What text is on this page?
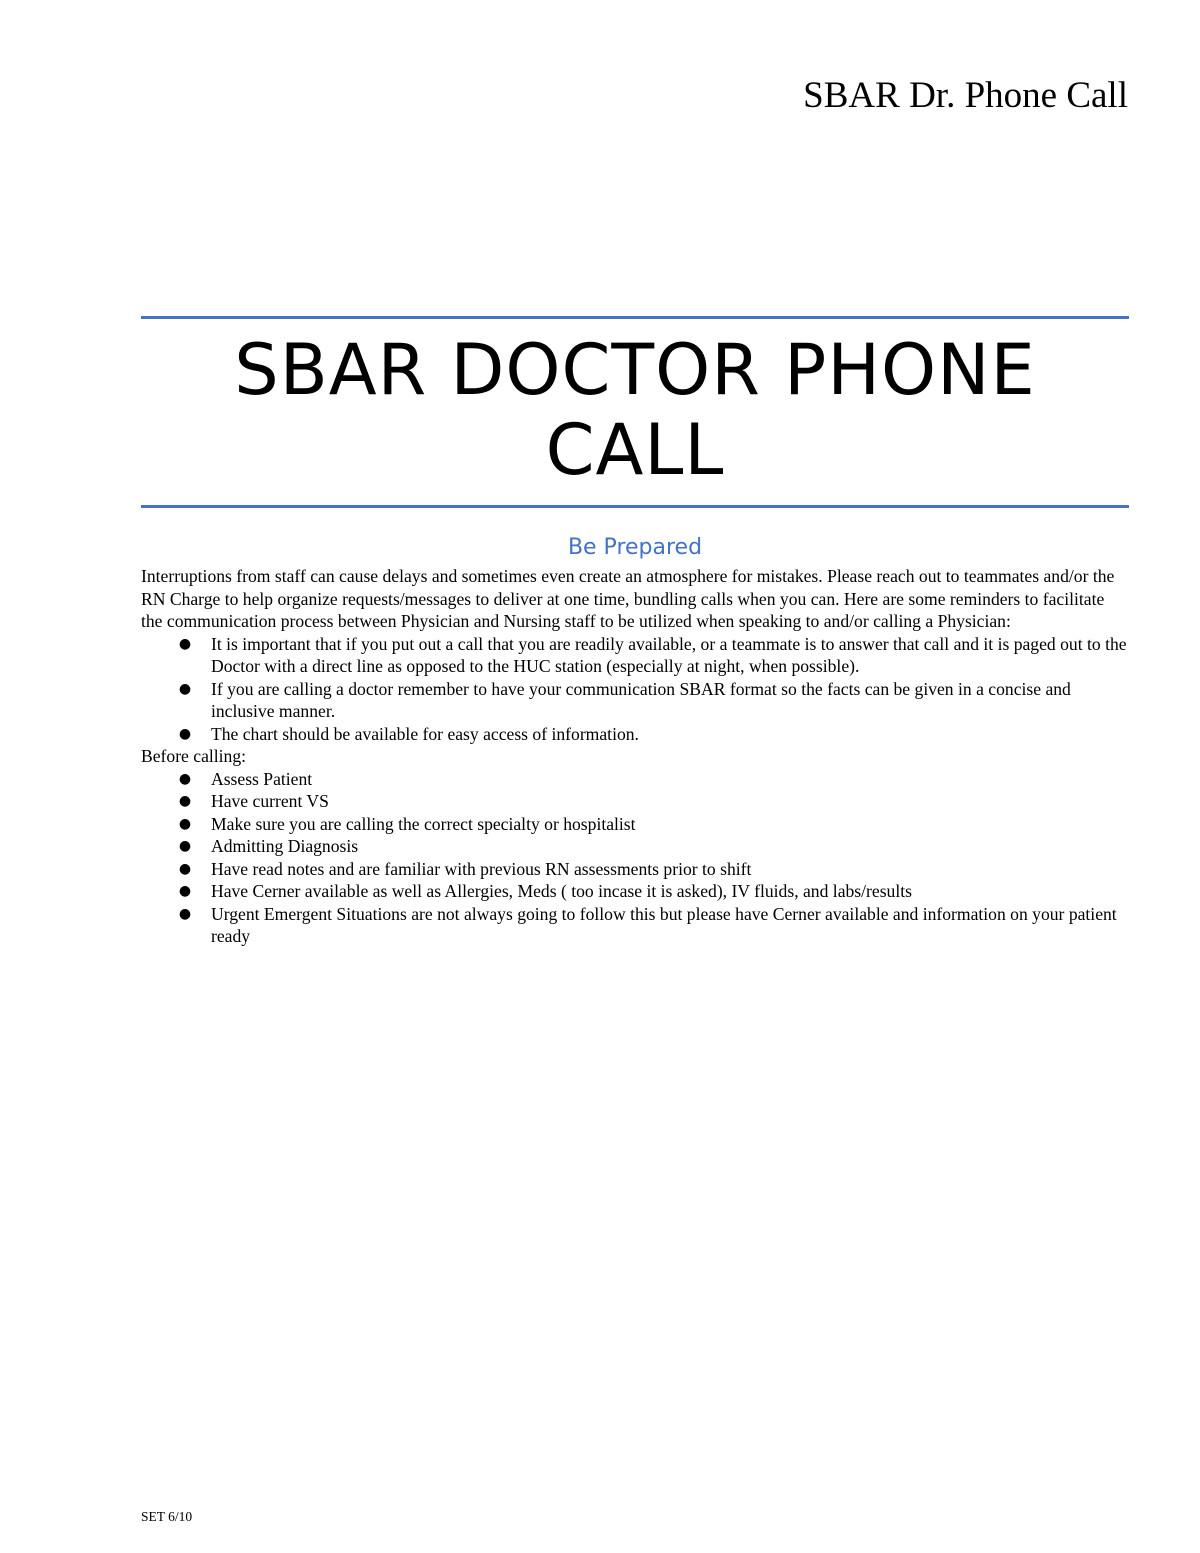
SBAR Dr. Phone Call
SBAR DOCTOR PHONE
CALL
Be Prepared

Interruptions from staff can cause delays and sometimes even create an atmosphere for mistakes. Please reach out to teammates and/or the RN Charge to help organize requests/messages to deliver at one time, bundling calls when you can. Here are some reminders to facilitate the communication process between Physician and Nursing staff to be utilized when speaking to and/or calling a Physician:

● It is important that if you put out a call that you are readily available, or a teammate is to answer that call and it is paged out to the Doctor with a direct line as opposed to the HUC station (especially at night, when possible).
● If you are calling a doctor remember to have your communication SBAR format so the facts can be given in a concise and inclusive manner.
● The chart should be available for easy access of information.

Before calling:

● Assess Patient
● Have current VS
● Make sure you are calling the correct specialty or hospitalist
● Admitting Diagnosis
● Have read notes and are familiar with previous RN assessments prior to shift
● Have Cerner available as well as Allergies, Meds ( too incase it is asked), IV fluids, and labs/results
● Urgent Emergent Situations are not always going to follow this but please have Cerner available and information on your patient ready
SET 6/10
